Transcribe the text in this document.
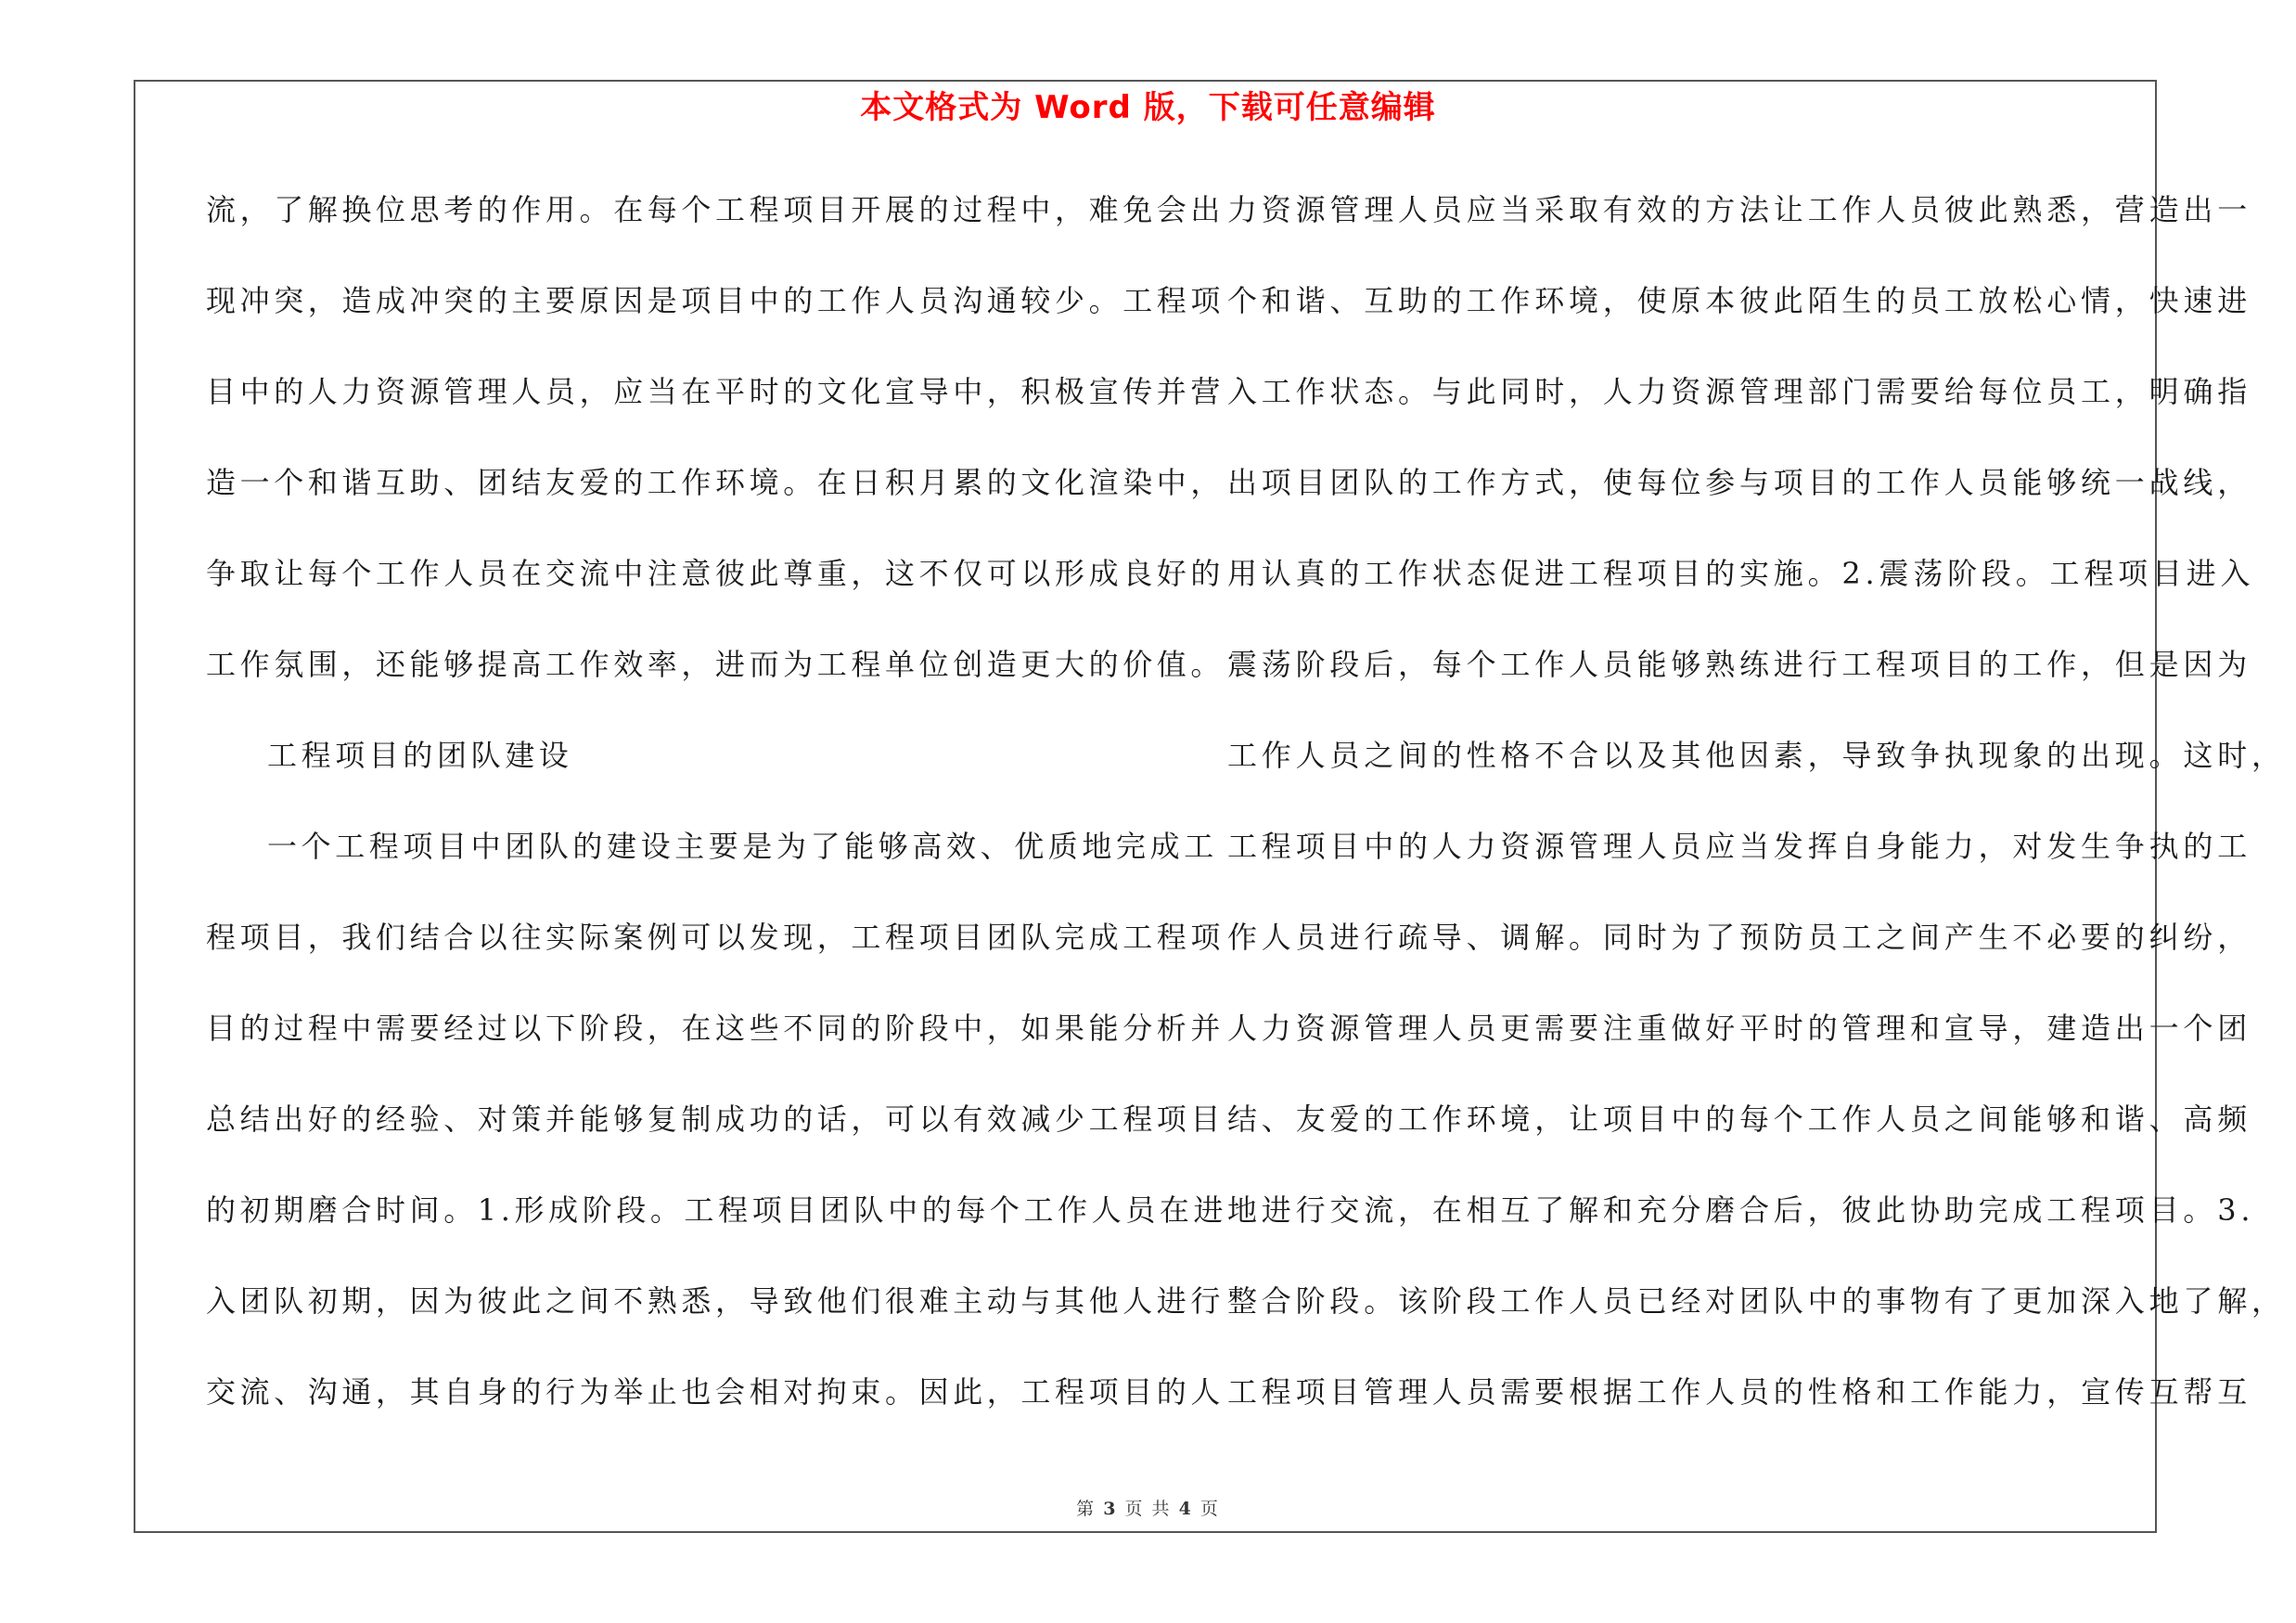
本文格式为 Word 版，下载可任意编辑
流，了解换位思考的作用。在每个工程项目开展的过程中，难免会出
现冲突，造成冲突的主要原因是项目中的工作人员沟通较少。工程项
目中的人力资源管理人员，应当在平时的文化宣导中，积极宣传并营
造一个和谐互助、团结友爱的工作环境。在日积月累的文化渲染中，
争取让每个工作人员在交流中注意彼此尊重，这不仅可以形成良好的
工作氛围，还能够提高工作效率，进而为工程单位创造更大的价值。
工程项目的团队建设
一个工程项目中团队的建设主要是为了能够高效、优质地完成工
程项目，我们结合以往实际案例可以发现，工程项目团队完成工程项
目的过程中需要经过以下阶段，在这些不同的阶段中，如果能分析并
总结出好的经验、对策并能够复制成功的话，可以有效减少工程项目
的初期磨合时间。1.形成阶段。工程项目团队中的每个工作人员在进
入团队初期，因为彼此之间不熟悉，导致他们很难主动与其他人进行
交流、沟通，其自身的行为举止也会相对拘束。因此，工程项目的人
力资源管理人员应当采取有效的方法让工作人员彼此熟悉，营造出一
个和谐、互助的工作环境，使原本彼此陌生的员工放松心情，快速进
入工作状态。与此同时，人力资源管理部门需要给每位员工，明确指
出项目团队的工作方式，使每位参与项目的工作人员能够统一战线，
用认真的工作状态促进工程项目的实施。2.震荡阶段。工程项目进入
震荡阶段后，每个工作人员能够熟练进行工程项目的工作，但是因为
工作人员之间的性格不合以及其他因素，导致争执现象的出现。这时，
工程项目中的人力资源管理人员应当发挥自身能力，对发生争执的工
作人员进行疏导、调解。同时为了预防员工之间产生不必要的纠纷，
人力资源管理人员更需要注重做好平时的管理和宣导，建造出一个团
结、友爱的工作环境，让项目中的每个工作人员之间能够和谐、高频
地进行交流，在相互了解和充分磨合后，彼此协助完成工程项目。3.
整合阶段。该阶段工作人员已经对团队中的事物有了更加深入地了解，
工程项目管理人员需要根据工作人员的性格和工作能力，宣传互帮互
第 3 页 共 4 页
